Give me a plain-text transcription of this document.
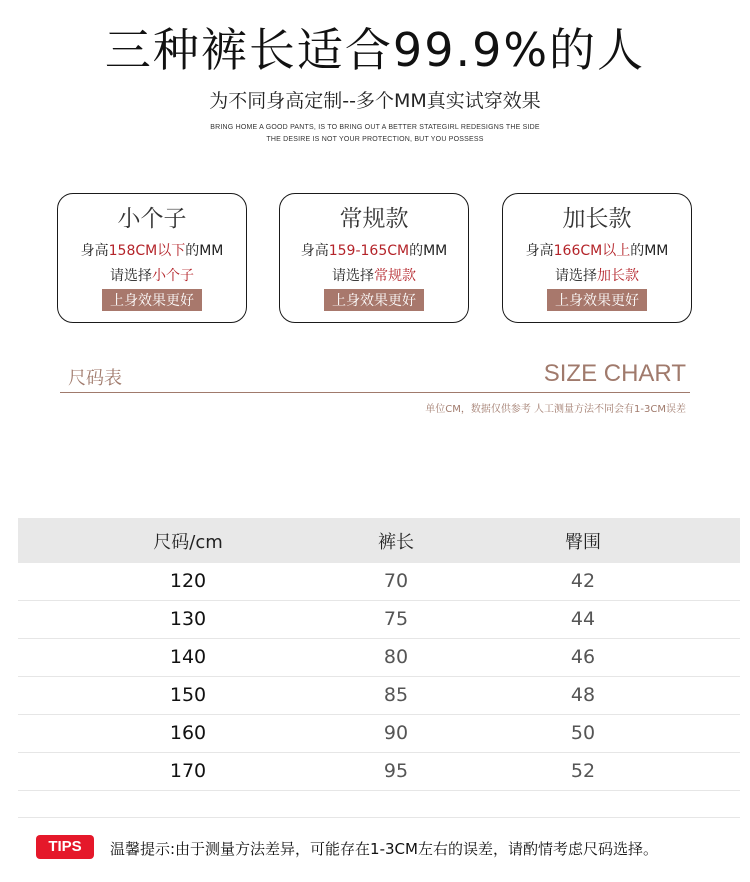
三种裤长适合99.9%的人
为不同身高定制--多个MM真实试穿效果
BRING HOME A GOOD PANTS, IS TO BRING OUT A BETTER STATEGIRL REDESIGNS THE SIDE
THE DESIRE IS NOT YOUR PROTECTION, BUT YOU POSSESS
小个子
身高158CM以下的MM
请选择小个子
上身效果更好
常规款
身高159-165CM的MM
请选择常规款
上身效果更好
加长款
身高166CM以上的MM
请选择加长款
上身效果更好
尺码表	SIZE CHART
单位CM，数据仅供参考 人工测量方法不同会有1-3CM误差
尺码/cm	裤长	臀围
120	70	42
130	75	44
140	80	46
150	85	48
160	90	50
170	95	52
TIPS	温馨提示:由于测量方法差异，可能存在1-3CM左右的误差，请酌情考虑尺码选择。
